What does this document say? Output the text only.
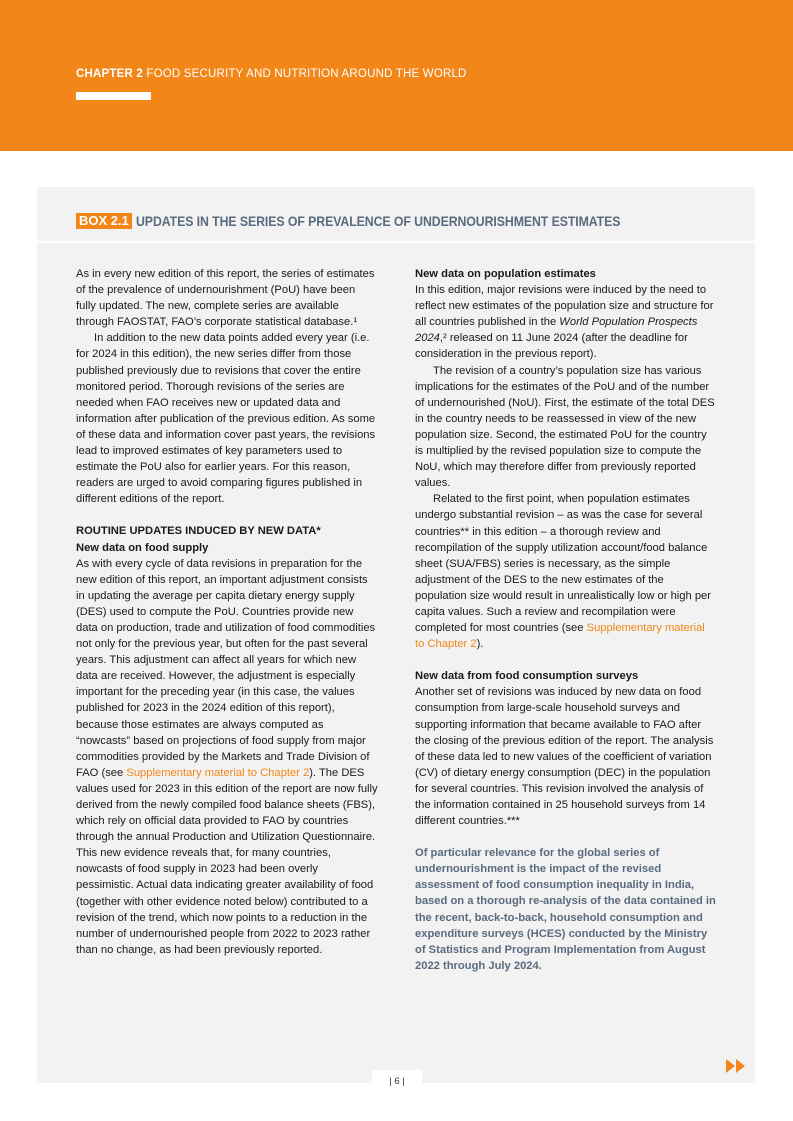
CHAPTER 2 FOOD SECURITY AND NUTRITION AROUND THE WORLD
BOX 2.1 UPDATES IN THE SERIES OF PREVALENCE OF UNDERNOURISHMENT ESTIMATES

As in every new edition of this report, the series of estimates of the prevalence of undernourishment (PoU) have been fully updated. The new, complete series are available through FAOSTAT, FAO’s corporate statistical database.¹

In addition to the new data points added every year (i.e. for 2024 in this edition), the new series differ from those published previously due to revisions that cover the entire monitored period. Thorough revisions of the series are needed when FAO receives new or updated data and information after publication of the previous edition. As some of these data and information cover past years, the revisions lead to improved estimates of key parameters used to estimate the PoU also for earlier years. For this reason, readers are urged to avoid comparing figures published in different editions of the report.

ROUTINE UPDATES INDUCED BY NEW DATA*

New data on food supply

As with every cycle of data revisions in preparation for the new edition of this report, an important adjustment consists in updating the average per capita dietary energy supply (DES) used to compute the PoU. Countries provide new data on production, trade and utilization of food commodities not only for the previous year, but often for the past several years. This adjustment can affect all years for which new data are received. However, the adjustment is especially important for the preceding year (in this case, the values published for 2023 in the 2024 edition of this report), because those estimates are always computed as “nowcasts” based on projections of food supply from major commodities provided by the Markets and Trade Division of FAO (see Supplementary material to Chapter 2). The DES values used for 2023 in this edition of the report are now fully derived from the newly compiled food balance sheets (FBS), which rely on official data provided to FAO by countries through the annual Production and Utilization Questionnaire. This new evidence reveals that, for many countries, nowcasts of food supply in 2023 had been overly pessimistic. Actual data indicating greater availability of food (together with other evidence noted below) contributed to a revision of the trend, which now points to a reduction in the number of undernourished people from 2022 to 2023 rather than no change, as had been previously reported.

New data on population estimates

In this edition, major revisions were induced by the need to reflect new estimates of the population size and structure for all countries published in the World Population Prospects 2024,² released on 11 June 2024 (after the deadline for consideration in the previous report).

The revision of a country’s population size has various implications for the estimates of the PoU and of the number of undernourished (NoU). First, the estimate of the total DES in the country needs to be reassessed in view of the new population size. Second, the estimated PoU for the country is multiplied by the revised population size to compute the NoU, which may therefore differ from previously reported values.

Related to the first point, when population estimates undergo substantial revision – as was the case for several countries** in this edition – a thorough review and recompilation of the supply utilization account/food balance sheet (SUA/FBS) series is necessary, as the simple adjustment of the DES to the new estimates of the population size would result in unrealistically low or high per capita values. Such a review and recompilation were completed for most countries (see Supplementary material to Chapter 2).

New data from food consumption surveys

Another set of revisions was induced by new data on food consumption from large-scale household surveys and supporting information that became available to FAO after the closing of the previous edition of the report. The analysis of these data led to new values of the coefficient of variation (CV) of dietary energy consumption (DEC) in the population for several countries. This revision involved the analysis of the information contained in 25 household surveys from 14 different countries.***

Of particular relevance for the global series of undernourishment is the impact of the revised assessment of food consumption inequality in India, based on a thorough re-analysis of the data contained in the recent, back-to-back, household consumption and expenditure surveys (HCES) conducted by the Ministry of Statistics and Program Implementation from August 2022 through July 2024.

| 6 |
